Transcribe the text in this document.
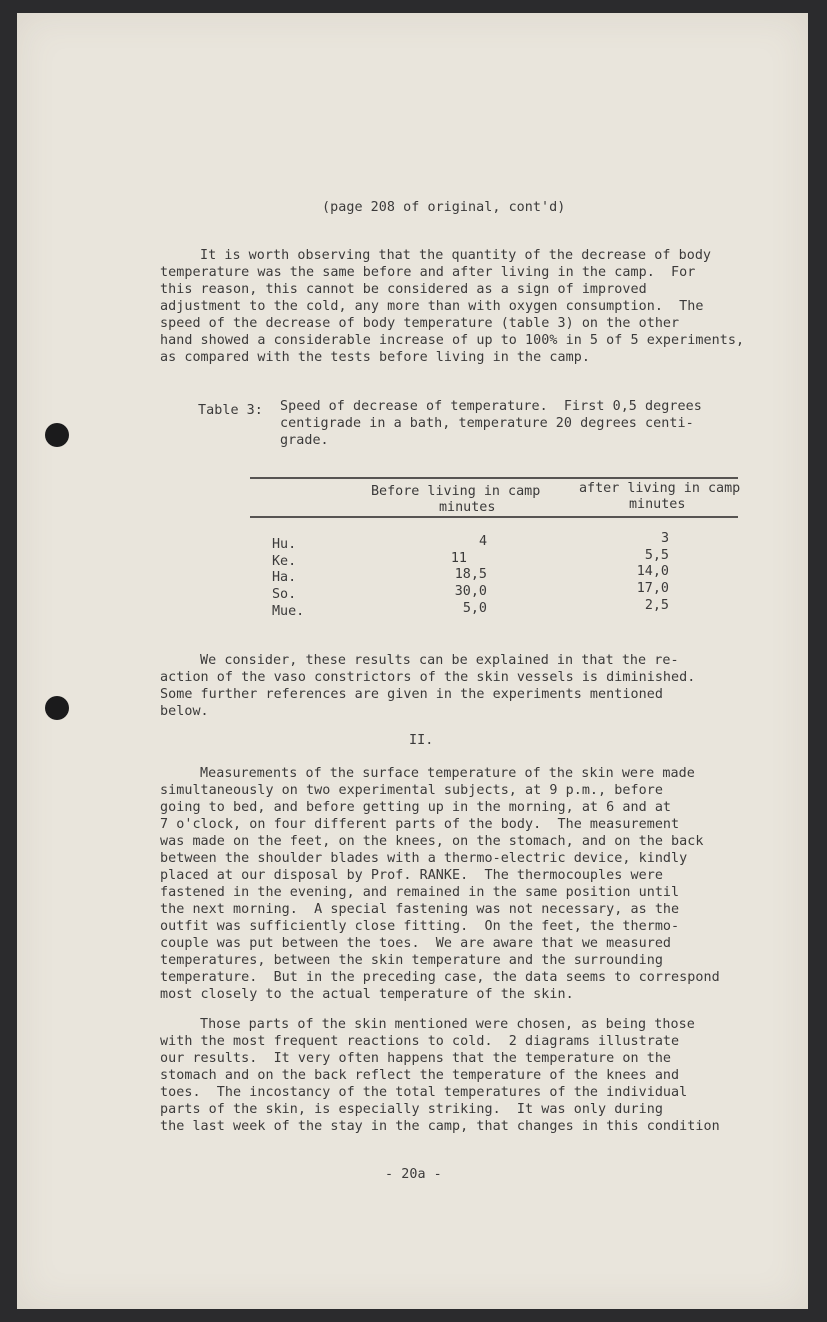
(page 208 of original, cont'd)

It is worth observing that the quantity of the decrease of body

temperature was the same before and after living in the camp.  For

this reason, this cannot be considered as a sign of improved

adjustment to the cold, any more than with oxygen consumption.  The

speed of the decrease of body temperature (table 3) on the other

hand showed a considerable increase of up to 100% in 5 of 5 experiments,

as compared with the tests before living in the camp.

Table 3: Speed of decrease of temperature.  First 0,5 degrees

centigrade in a bath, temperature 20 degrees centi-

grade.

Before living in camp	after living in camp

minutes	minutes

Hu.	4	3

Ke.	11	5,5

Ha.	18,5	14,0

So.	30,0	17,0

Mue.	5,0	2,5

We consider, these results can be explained in that the re-

action of the vaso constrictors of the skin vessels is diminished.

Some further references are given in the experiments mentioned

below.

II.

Measurements of the surface temperature of the skin were made

simultaneously on two experimental subjects, at 9 p.m., before

going to bed, and before getting up in the morning, at 6 and at

7 o'clock, on four different parts of the body.  The measurement

was made on the feet, on the knees, on the stomach, and on the back

between the shoulder blades with a thermo-electric device, kindly

placed at our disposal by Prof. RANKE.  The thermocouples were

fastened in the evening, and remained in the same position until

the next morning.  A special fastening was not necessary, as the

outfit was sufficiently close fitting.  On the feet, the thermo-

couple was put between the toes.  We are aware that we measured

temperatures, between the skin temperature and the surrounding

temperature.  But in the preceding case, the data seems to correspond

most closely to the actual temperature of the skin.

Those parts of the skin mentioned were chosen, as being those

with the most frequent reactions to cold.  2 diagrams illustrate

our results.  It very often happens that the temperature on the

stomach and on the back reflect the temperature of the knees and

toes.  The incostancy of the total temperatures of the individual

parts of the skin, is especially striking.  It was only during

the last week of the stay in the camp, that changes in this condition

- 20a -
